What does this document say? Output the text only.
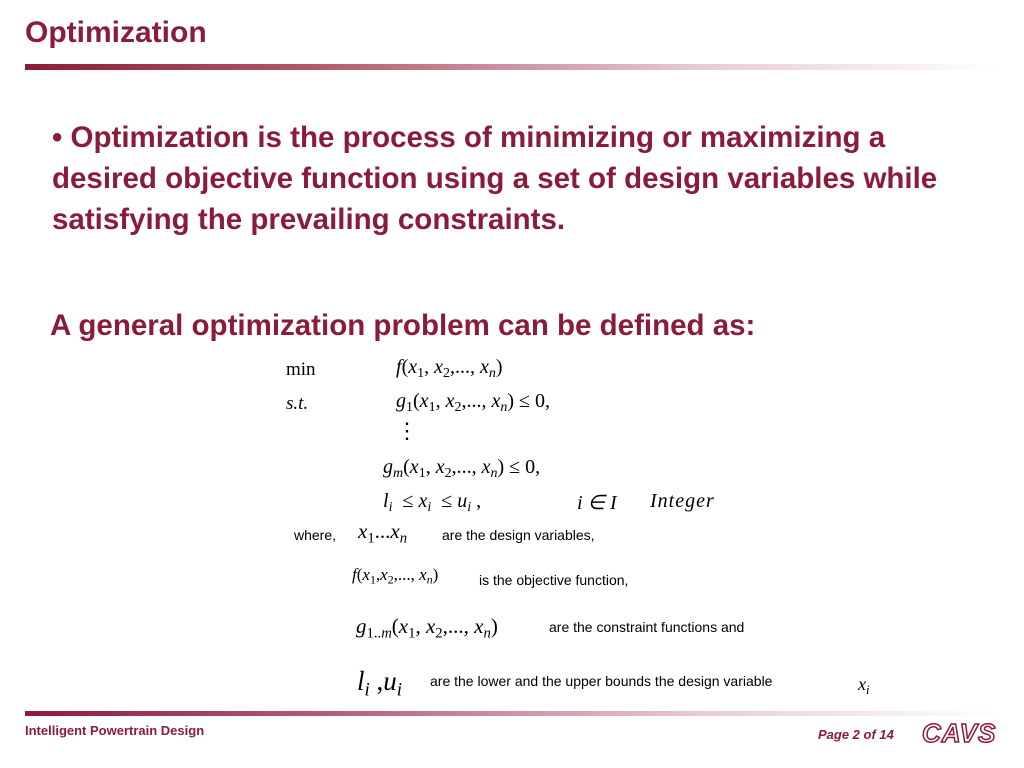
Optimization
• Optimization is the process of minimizing or maximizing a desired objective function using a set of design variables while satisfying the prevailing constraints.
A general optimization problem can be defined as:
min	$f(x_1$, $x_2$,..., $x_n$)
s.t.	$g_1(x_1$, $x_2$,..., $x_n) \le 0$,
⋮
$g_m(x_1$, $x_2$,..., $x_n) \le 0$,
$l_i \le x_i \le u_i$ ,	i ∈ I Integer
where, $x_1...x_n$ are the design variables,
$f(x_1,x_2$,..., $x_n$)	is the objective function,
$g_{1..m}(x_1$, $x_2$,..., $x_n$)	are the constraint functions and
$l_i$ $,u_i$ are the lower and the upper bounds the design variable	$x_i$
Intelligent Powertrain Design	Page 2 of 14 CAVS
